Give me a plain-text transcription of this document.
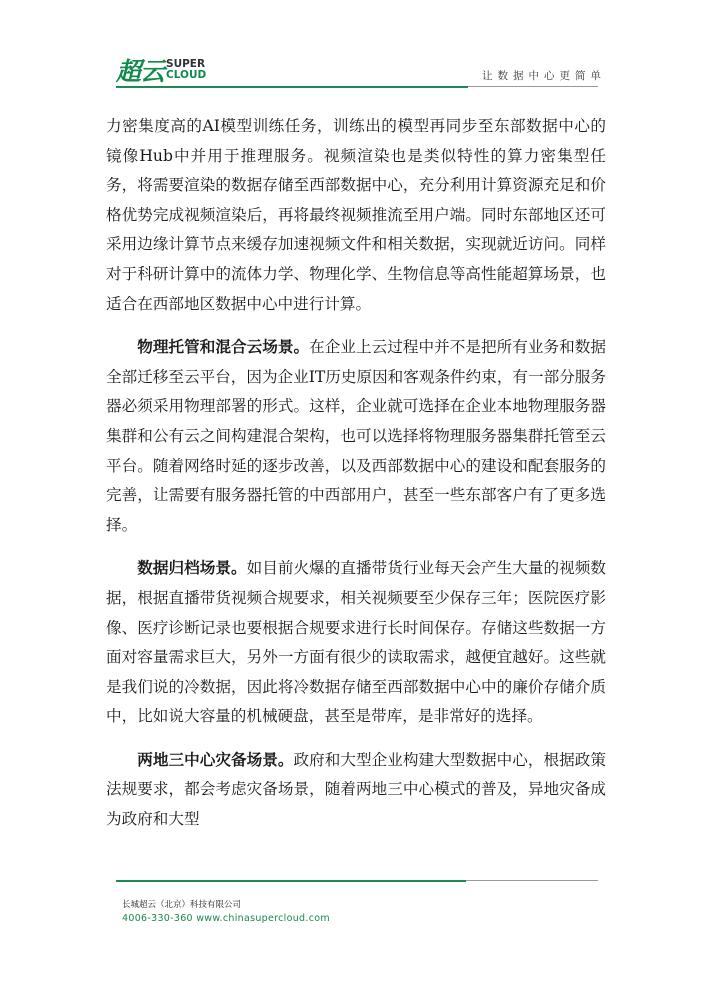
超云 SUPER
CLOUD	让数据中心更简单

力密集度高的AI模型训练任务，训练出的模型再同步至东部数据中心的镜像Hub中并用于推理服务。视频渲染也是类似特性的算力密集型任务，将需要渲染的数据存储至西部数据中心，充分利用计算资源充足和价格优势完成视频渲染后，再将最终视频推流至用户端。同时东部地区还可采用边缘计算节点来缓存加速视频文件和相关数据，实现就近访问。同样对于科研计算中的流体力学、物理化学、生物信息等高性能超算场景，也适合在西部地区数据中心中进行计算。

物理托管和混合云场景。在企业上云过程中并不是把所有业务和数据全部迁移至云平台，因为企业IT历史原因和客观条件约束，有一部分服务器必须采用物理部署的形式。这样，企业就可选择在企业本地物理服务器集群和公有云之间构建混合架构，也可以选择将物理服务器集群托管至云平台。随着网络时延的逐步改善，以及西部数据中心的建设和配套服务的完善，让需要有服务器托管的中西部用户，甚至一些东部客户有了更多选择。

数据归档场景。如目前火爆的直播带货行业每天会产生大量的视频数据，根据直播带货视频合规要求，相关视频要至少保存三年；医院医疗影像、医疗诊断记录也要根据合规要求进行长时间保存。存储这些数据一方面对容量需求巨大，另外一方面有很少的读取需求，越便宜越好。这些就是我们说的冷数据，因此将冷数据存储至西部数据中心中的廉价存储介质中，比如说大容量的机械硬盘，甚至是带库，是非常好的选择。

两地三中心灾备场景。政府和大型企业构建大型数据中心，根据政策法规要求，都会考虑灾备场景，随着两地三中心模式的普及，异地灾备成为政府和大型

长城超云（北京）科技有限公司
4006-330-360 www.chinasupercloud.com
